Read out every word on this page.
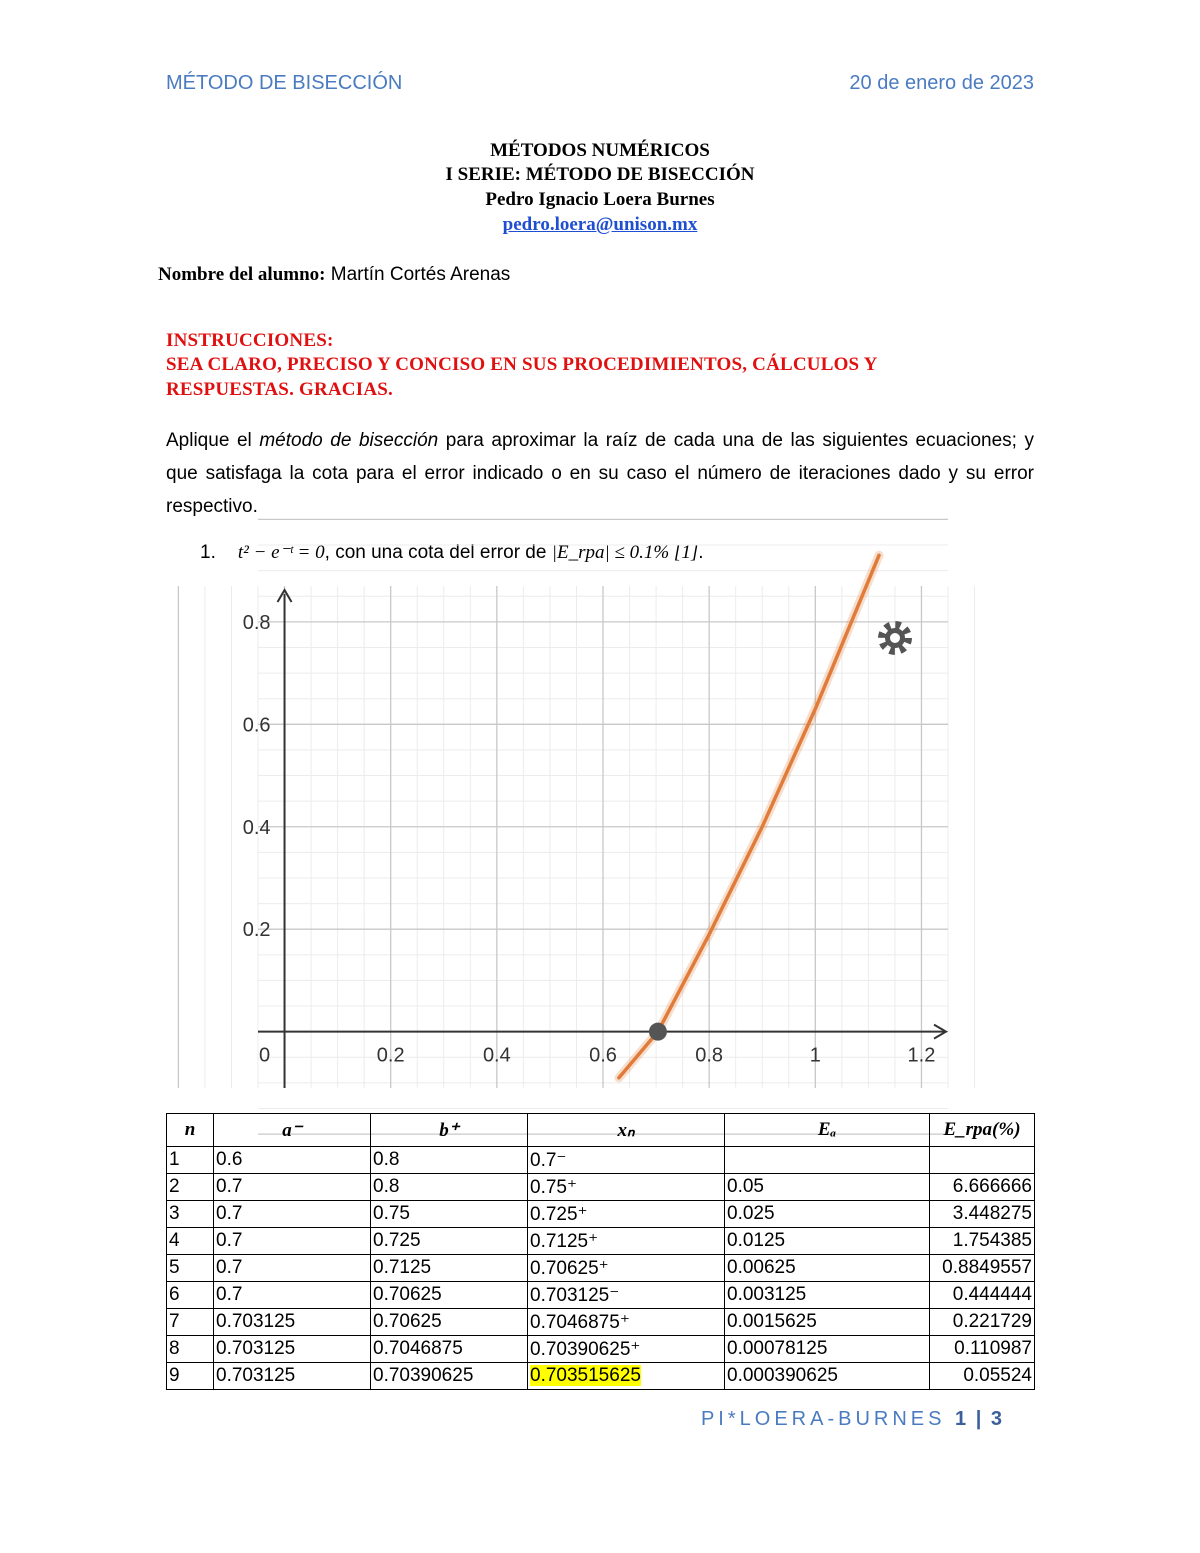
MÉTODO DE BISECCIÓN	20 de enero de 2023
MÉTODOS NUMÉRICOS
I SERIE: MÉTODO DE BISECCIÓN
Pedro Ignacio Loera Burnes
pedro.loera@unison.mx
Nombre del alumno: Martín Cortés Arenas
INSTRUCCIONES:
SEA CLARO, PRECISO Y CONCISO EN SUS PROCEDIMIENTOS, CÁLCULOS Y
RESPUESTAS. GRACIAS.
Aplique el método de bisección para aproximar la raíz de cada una de las siguientes ecuaciones; y que satisfaga la cota para el error indicado o en su caso el número de iteraciones dado y su error respectivo.
1. t² − e⁻ᵗ = 0, con una cota del error de |E_rpa| ≤ 0.1% [1].
0	0.2	0.4	0.6	0.8	1	1.2
0.2
0.4
0.6
0.8
n	a⁻	b⁺	xₙ	Eₐ	E_rpa(%)
1	0.6	0.8	0.7⁻		
2	0.7	0.8	0.75⁺	0.05	6.666666
3	0.7	0.75	0.725⁺	0.025	3.448275
4	0.7	0.725	0.7125⁺	0.0125	1.754385
5	0.7	0.7125	0.70625⁺	0.00625	0.8849557
6	0.7	0.70625	0.703125⁻	0.003125	0.444444
7	0.703125	0.70625	0.7046875⁺	0.0015625	0.221729
8	0.703125	0.7046875	0.70390625⁺	0.00078125	0.110987
9	0.703125	0.70390625	0.703515625	0.000390625	0.05524
PI*LOERA-BURNES 1 | 3
